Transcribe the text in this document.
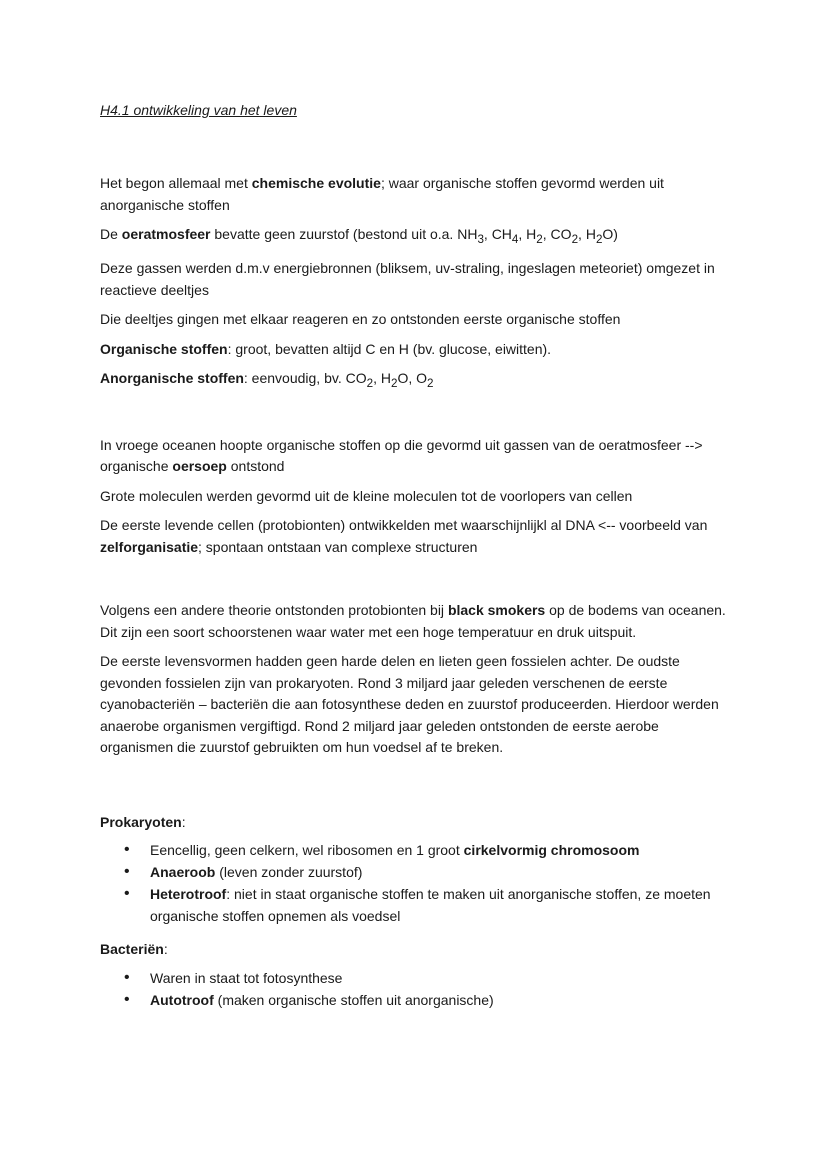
H4.1 ontwikkeling van het leven

Het begon allemaal met chemische evolutie; waar organische stoffen gevormd werden uit anorganische stoffen

De oeratmosfeer bevatte geen zuurstof (bestond uit o.a. $NH_3$, $CH_4$, $H_2$, $CO_2$, $H_2O$)

Deze gassen werden d.m.v energiebronnen (bliksem, uv-straling, ingeslagen meteoriet) omgezet in reactieve deeltjes

Die deeltjes gingen met elkaar reageren en zo ontstonden eerste organische stoffen

Organische stoffen: groot, bevatten altijd C en H (bv. glucose, eiwitten).

Anorganische stoffen: eenvoudig, bv. $CO_2$, $H_2O$, $O_2$

In vroege oceanen hoopte organische stoffen op die gevormd uit gassen van de oeratmosfeer --> organische oersoep ontstond

Grote moleculen werden gevormd uit de kleine moleculen tot de voorlopers van cellen

De eerste levende cellen (protobionten) ontwikkelden met waarschijnlijkl al DNA <-- voorbeeld van zelforganisatie; spontaan ontstaan van complexe structuren

Volgens een andere theorie ontstonden protobionten bij black smokers op de bodems van oceanen. Dit zijn een soort schoorstenen waar water met een hoge temperatuur en druk uitspuit.

De eerste levensvormen hadden geen harde delen en lieten geen fossielen achter. De oudste gevonden fossielen zijn van prokaryoten. Rond 3 miljard jaar geleden verschenen de eerste cyanobacteriën – bacteriën die aan fotosynthese deden en zuurstof produceerden. Hierdoor werden anaerobe organismen vergiftigd. Rond 2 miljard jaar geleden ontstonden de eerste aerobe organismen die zuurstof gebruikten om hun voedsel af te breken.

Prokaryoten:

• Eencellig, geen celkern, wel ribosomen en 1 groot cirkelvormig chromosoom
• Anaeroob (leven zonder zuurstof)
• Heterotroof: niet in staat organische stoffen te maken uit anorganische stoffen, ze moeten organische stoffen opnemen als voedsel

Bacteriën:

• Waren in staat tot fotosynthese
• Autotroof (maken organische stoffen uit anorganische)
